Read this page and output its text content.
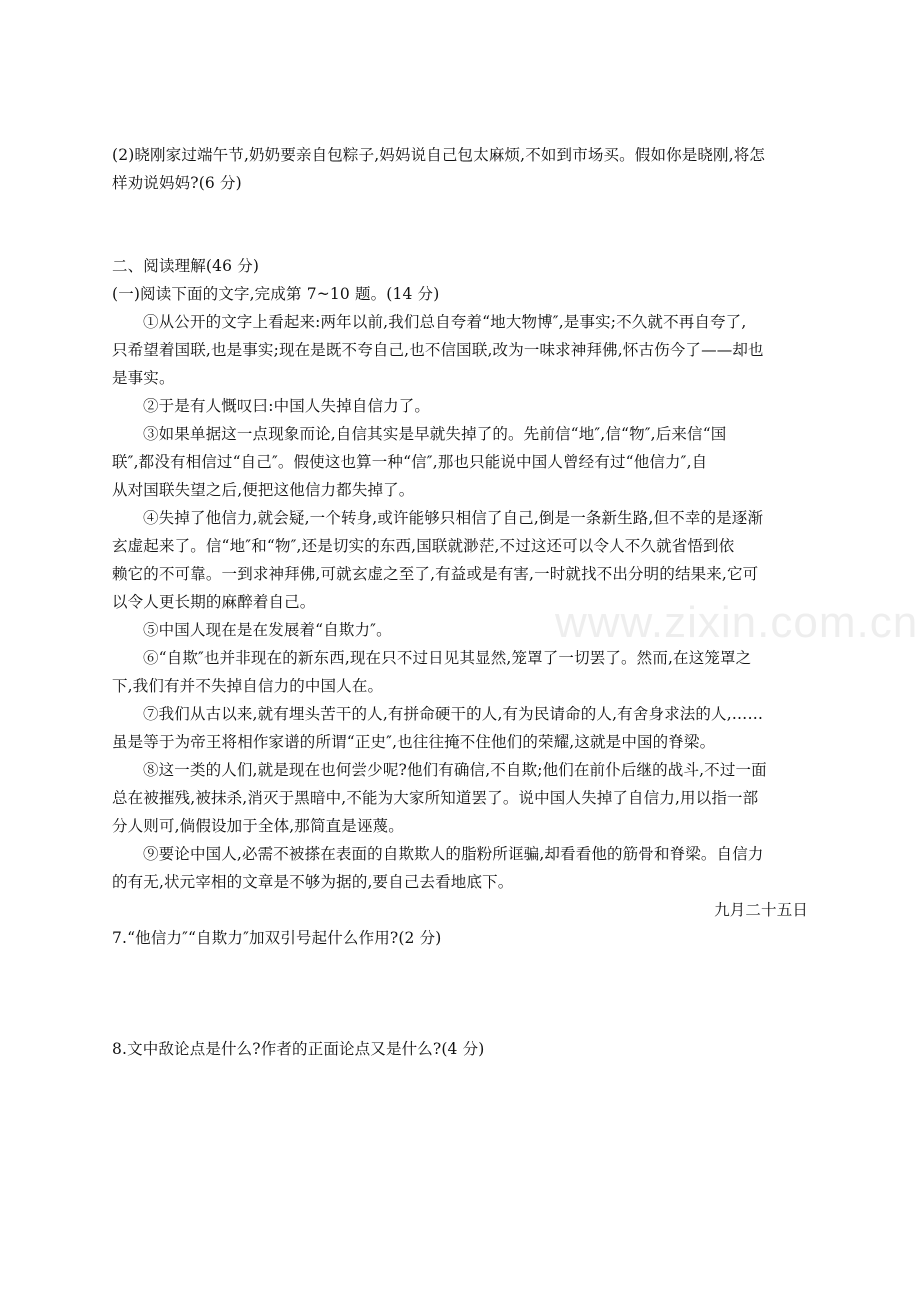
(2)晓刚家过端午节,奶奶要亲自包粽子,妈妈说自己包太麻烦,不如到市场买。假如你是晓刚,将怎
样劝说妈妈?(6 分)
二、阅读理解(46 分)
(一)阅读下面的文字,完成第 7~10 题。(14 分)
①从公开的文字上看起来:两年以前,我们总自夸着“地大物博″,是事实;不久就不再自夸了,
只希望着国联,也是事实;现在是既不夸自己,也不信国联,改为一味求神拜佛,怀古伤今了——却也
是事实。
②于是有人慨叹曰:中国人失掉自信力了。
③如果单据这一点现象而论,自信其实是早就失掉了的。先前信“地″,信“物″,后来信“国
联″,都没有相信过“自己″。假使这也算一种“信″,那也只能说中国人曾经有过“他信力″,自
从对国联失望之后,便把这他信力都失掉了。
④失掉了他信力,就会疑,一个转身,或许能够只相信了自己,倒是一条新生路,但不幸的是逐渐
玄虚起来了。信“地″和“物″,还是切实的东西,国联就渺茫,不过这还可以令人不久就省悟到依
赖它的不可靠。一到求神拜佛,可就玄虚之至了,有益或是有害,一时就找不出分明的结果来,它可
以令人更长期的麻醉着自己。
⑤中国人现在是在发展着“自欺力″。
⑥“自欺″也并非现在的新东西,现在只不过日见其显然,笼罩了一切罢了。然而,在这笼罩之
下,我们有并不失掉自信力的中国人在。
⑦我们从古以来,就有埋头苦干的人,有拼命硬干的人,有为民请命的人,有舍身求法的人,……
虽是等于为帝王将相作家谱的所谓“正史″,也往往掩不住他们的荣耀,这就是中国的脊梁。
⑧这一类的人们,就是现在也何尝少呢?他们有确信,不自欺;他们在前仆后继的战斗,不过一面
总在被摧残,被抹杀,消灭于黑暗中,不能为大家所知道罢了。说中国人失掉了自信力,用以指一部
分人则可,倘假设加于全体,那简直是诬蔑。
⑨要论中国人,必需不被搽在表面的自欺欺人的脂粉所诓骗,却看看他的筋骨和脊梁。自信力
的有无,状元宰相的文章是不够为据的,要自己去看地底下。
九月二十五日
7.“他信力″“自欺力″加双引号起什么作用?(2 分)
8.文中敌论点是什么?作者的正面论点又是什么?(4 分)
www.zixin.com.cn
